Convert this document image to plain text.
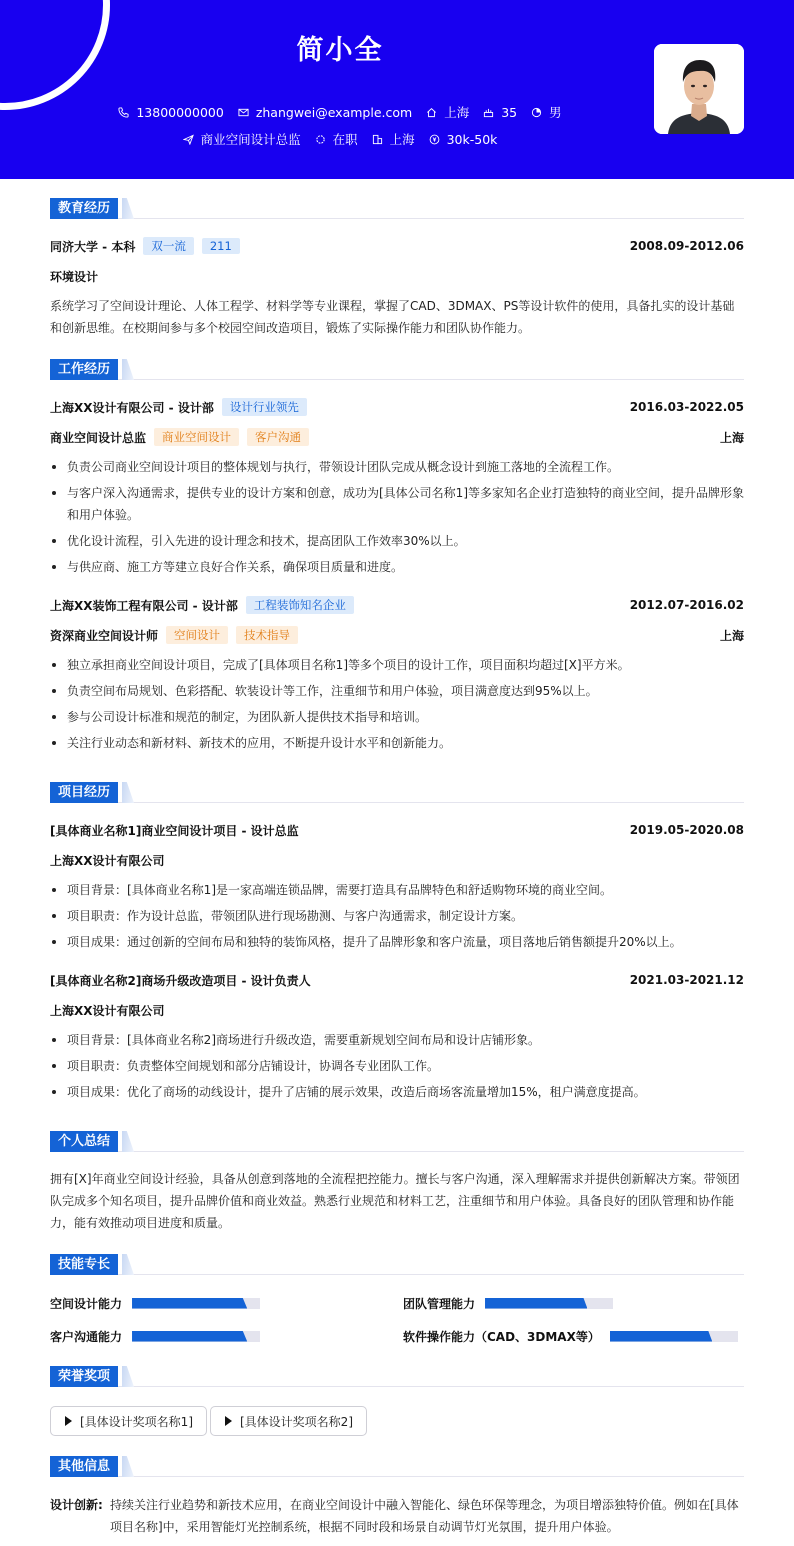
简小全
13800000000	zhangwei@example.com	上海	35	男
商业空间设计总监	在职	上海	30k-50k
教育经历
同济大学 - 本科	双一流	211	2008.09-2012.06
环境设计
系统学习了空间设计理论、人体工程学、材料学等专业课程，掌握了CAD、3DMAX、PS等设计软件的使用，具备扎实的设计基础和创新思维。在校期间参与多个校园空间改造项目，锻炼了实际操作能力和团队协作能力。
工作经历
上海XX设计有限公司 - 设计部	设计行业领先	2016.03-2022.05
商业空间设计总监	商业空间设计	客户沟通	上海
负责公司商业空间设计项目的整体规划与执行，带领设计团队完成从概念设计到施工落地的全流程工作。
与客户深入沟通需求，提供专业的设计方案和创意，成功为[具体公司名称1]等多家知名企业打造独特的商业空间，提升品牌形象和用户体验。
优化设计流程，引入先进的设计理念和技术，提高团队工作效率30%以上。
与供应商、施工方等建立良好合作关系，确保项目质量和进度。
上海XX装饰工程有限公司 - 设计部	工程装饰知名企业	2012.07-2016.02
资深商业空间设计师	空间设计	技术指导	上海
独立承担商业空间设计项目，完成了[具体项目名称1]等多个项目的设计工作，项目面积均超过[X]平方米。
负责空间布局规划、色彩搭配、软装设计等工作，注重细节和用户体验，项目满意度达到95%以上。
参与公司设计标准和规范的制定，为团队新人提供技术指导和培训。
关注行业动态和新材料、新技术的应用，不断提升设计水平和创新能力。
项目经历
[具体商业名称1]商业空间设计项目 - 设计总监	2019.05-2020.08
上海XX设计有限公司
项目背景：[具体商业名称1]是一家高端连锁品牌，需要打造具有品牌特色和舒适购物环境的商业空间。
项目职责：作为设计总监，带领团队进行现场勘测、与客户沟通需求，制定设计方案。
项目成果：通过创新的空间布局和独特的装饰风格，提升了品牌形象和客户流量，项目落地后销售额提升20%以上。
[具体商业名称2]商场升级改造项目 - 设计负责人	2021.03-2021.12
上海XX设计有限公司
项目背景：[具体商业名称2]商场进行升级改造，需要重新规划空间布局和设计店铺形象。
项目职责：负责整体空间规划和部分店铺设计，协调各专业团队工作。
项目成果：优化了商场的动线设计，提升了店铺的展示效果，改造后商场客流量增加15%，租户满意度提高。
个人总结
拥有[X]年商业空间设计经验，具备从创意到落地的全流程把控能力。擅长与客户沟通，深入理解需求并提供创新解决方案。带领团队完成多个知名项目，提升品牌价值和商业效益。熟悉行业规范和材料工艺，注重细节和用户体验。具备良好的团队管理和协作能力，能有效推动项目进度和质量。
技能专长
空间设计能力	团队管理能力
客户沟通能力	软件操作能力（CAD、3DMAX等）
荣誉奖项
[具体设计奖项名称1]	[具体设计奖项名称2]
其他信息
设计创新: 持续关注行业趋势和新技术应用，在商业空间设计中融入智能化、绿色环保等理念，为项目增添独特价值。例如在[具体项目名称]中，采用智能灯光控制系统，根据不同时段和场景自动调节灯光氛围，提升用户体验。
